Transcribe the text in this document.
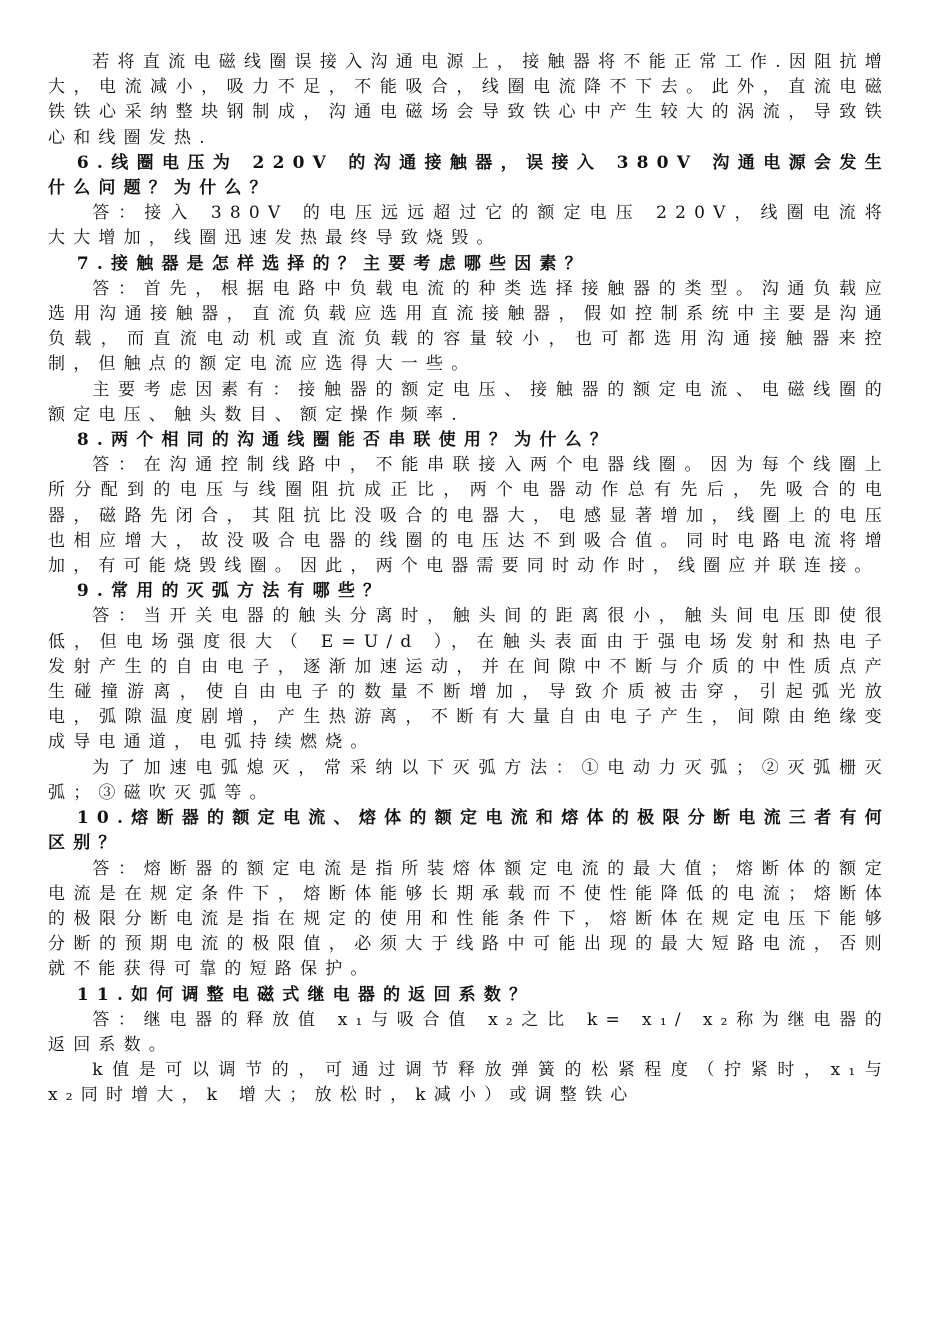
若将直流电磁线圈误接入沟通电源上，接触器将不能正常工作.因阻抗增大，电流减小，吸力不足，不能吸合，线圈电流降不下去。此外，直流电磁铁铁心采纳整块钢制成，沟通电磁场会导致铁心中产生较大的涡流，导致铁心和线圈发热.

6.线圈电压为 220V 的沟通接触器，误接入 380V 沟通电源会发生什么问题？为什么？

答：接入 380V 的电压远远超过它的额定电压 220V，线圈电流将大大增加，线圈迅速发热最终导致烧毁。

7.接触器是怎样选择的？主要考虑哪些因素？

答：首先，根据电路中负载电流的种类选择接触器的类型。沟通负载应选用沟通接触器，直流负载应选用直流接触器，假如控制系统中主要是沟通负载，而直流电动机或直流负载的容量较小，也可都选用沟通接触器来控制，但触点的额定电流应选得大一些。

主要考虑因素有：接触器的额定电压、接触器的额定电流、电磁线圈的额定电压、触头数目、额定操作频率.

8.两个相同的沟通线圈能否串联使用？为什么？

答：在沟通控制线路中，不能串联接入两个电器线圈。因为每个线圈上所分配到的电压与线圈阻抗成正比，两个电器动作总有先后，先吸合的电器，磁路先闭合，其阻抗比没吸合的电器大，电感显著增加，线圈上的电压也相应增大，故没吸合电器的线圈的电压达不到吸合值。同时电路电流将增加，有可能烧毁线圈。因此，两个电器需要同时动作时，线圈应并联连接。

9.常用的灭弧方法有哪些？

答：当开关电器的触头分离时，触头间的距离很小，触头间电压即使很低，但电场强度很大（ E=U/d ），在触头表面由于强电场发射和热电子发射产生的自由电子，逐渐加速运动，并在间隙中不断与介质的中性质点产生碰撞游离，使自由电子的数量不断增加，导致介质被击穿，引起弧光放电，弧隙温度剧增，产生热游离，不断有大量自由电子产生，间隙由绝缘变成导电通道，电弧持续燃烧。

为了加速电弧熄灭，常采纳以下灭弧方法：①电动力灭弧；②灭弧栅灭弧；③磁吹灭弧等。

10.熔断器的额定电流、熔体的额定电流和熔体的极限分断电流三者有何区别？

答：熔断器的额定电流是指所装熔体额定电流的最大值；熔断体的额定电流是在规定条件下，熔断体能够长期承载而不使性能降低的电流；熔断体的极限分断电流是指在规定的使用和性能条件下，熔断体在规定电压下能够分断的预期电流的极限值，必须大于线路中可能出现的最大短路电流，否则就不能获得可靠的短路保护。

11.如何调整电磁式继电器的返回系数？

答：继电器的释放值 x₁与吸合值 x₂之比 k= x₁/ x₂称为继电器的返回系数。

k值是可以调节的，可通过调节释放弹簧的松紧程度（拧紧时，x₁与 x₂同时增大，k 增大；放松时，k减小）或调整铁心
